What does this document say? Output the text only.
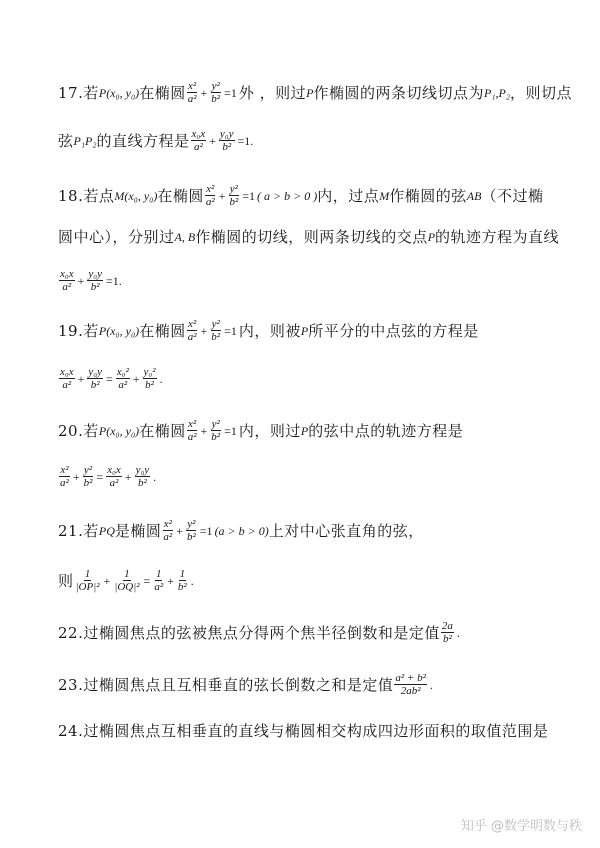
17.若 P(x₀, y₀) 在椭圆 $\frac{\text{x²}}{\text{a²}} + \frac{\text{y²}}{\text{b²}} =1$ 外 ，则过 P 作椭圆的两条切线切点为 P₁,P₂ ，则切点
弦 P₁P₂ 的直线方程是 $\frac{\text{x₀x}}{\text{a²}} + \frac{\text{y₀y}}{\text{b²}} =1$.
18.若点 M(x₀, y₀) 在椭圆 $\frac{\text{x²}}{\text{a²}} + \frac{\text{y²}}{\text{b²}} =1$ ( a > b > 0 ) 内，过点 M 作椭圆的弦 AB （不过椭
圆中心），分别过 A, B 作椭圆的切线，则两条切线的交点 P 的轨迹方程为直线
$\frac{\text{x₀x}}{\text{a²}} + \frac{\text{y₀y}}{\text{b²}} =1$.
19.若 P(x₀, y₀) 在椭圆 $\frac{\text{x²}}{\text{a²}} + \frac{\text{y²}}{\text{b²}} =1$ 内，则被 P 所平分的中点弦的方程是
$\frac{\text{x₀x}}{\text{a²}} + \frac{\text{y₀y}}{\text{b²}} = \frac{\text{x₀²}}{\text{a²}} + \frac{\text{y₀²}}{\text{b²}}$ .
20.若 P(x₀, y₀) 在椭圆 $\frac{\text{x²}}{\text{a²}} + \frac{\text{y²}}{\text{b²}} =1$ 内，则过 P 的弦中点的轨迹方程是
$\frac{\text{x²}}{\text{a²}} + \frac{\text{y²}}{\text{b²}} = \frac{\text{x₀x}}{\text{a²}} + \frac{\text{y₀y}}{\text{b²}}$ .
21.若 PQ 是椭圆 $\frac{\text{x²}}{\text{a²}} + \frac{\text{y²}}{\text{b²}} =1$ (a > b > 0) 上对中心张直角的弦，
则 $\frac{1}{\text{|OP|²}} + \frac{1}{\text{|OQ|²}} = \frac{1}{\text{a²}} + \frac{1}{\text{b²}}$ .
22.过椭圆焦点的弦被焦点分得两个焦半径倒数和是定值 $\frac{2a}{\text{b²}}$ .
23.过椭圆焦点且互相垂直的弦长倒数之和是定值 $\frac{\text{a² + b²}}{\text{2ab²}}$ .
24.过椭圆焦点互相垂直的直线与椭圆相交构成四边形面积的取值范围是
知乎 @数学明数与秩
